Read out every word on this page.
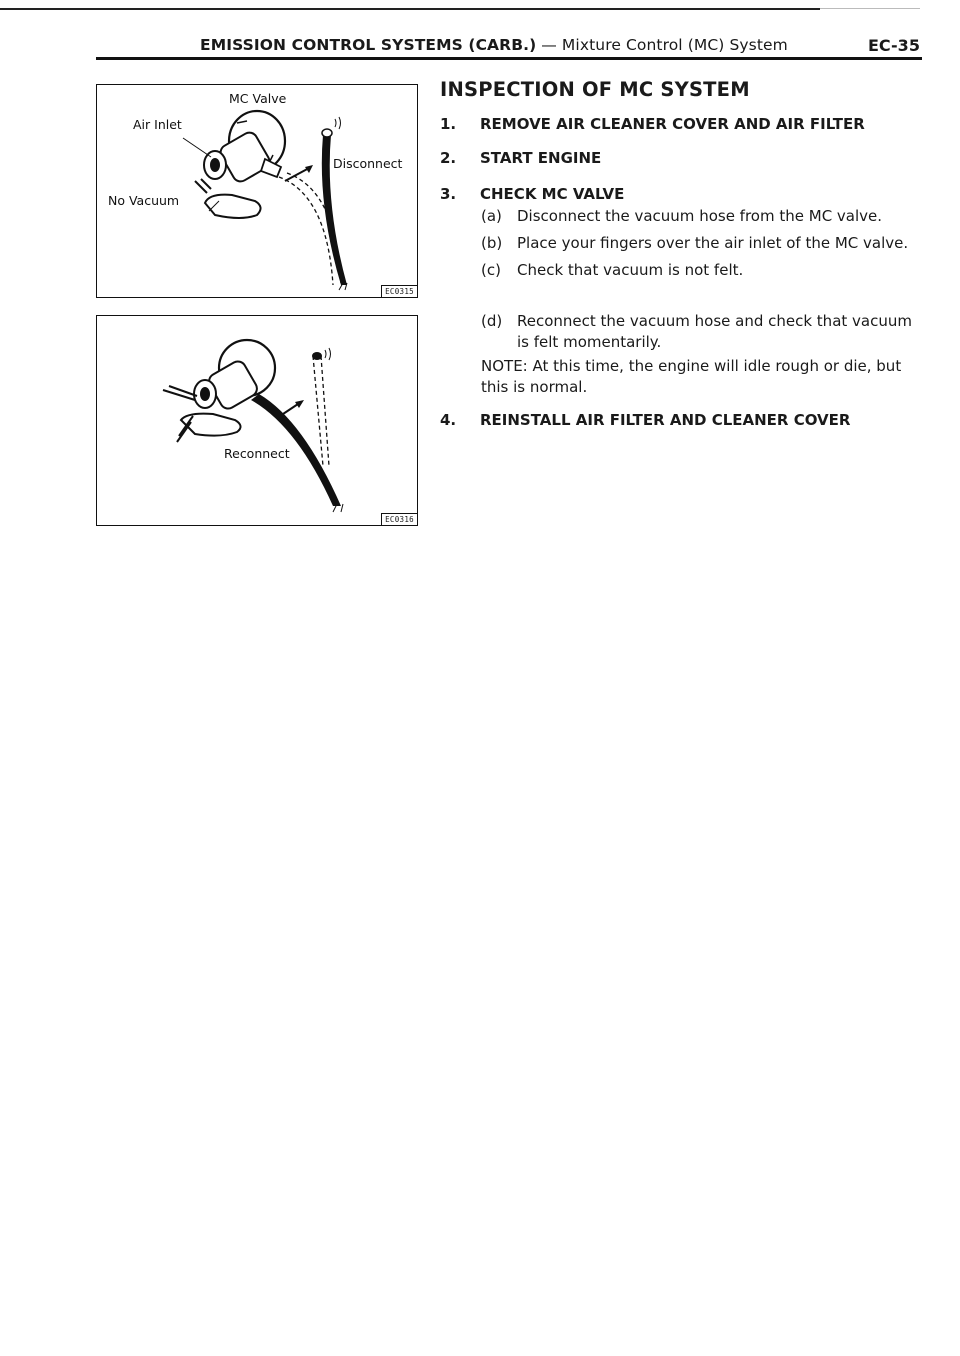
EMISSION CONTROL SYSTEMS (CARB.) — Mixture Control (MC) System	EC-35
MC Valve
Air Inlet
Disconnect
No Vacuum
EC0315
Reconnect
EC0316
INSPECTION OF MC SYSTEM
1. REMOVE AIR CLEANER COVER AND AIR FILTER
2. START ENGINE
3. CHECK MC VALVE
(a) Disconnect the vacuum hose from the MC valve.
(b) Place your fingers over the air inlet of the MC valve.
(c) Check that vacuum is not felt.
(d) Reconnect the vacuum hose and check that vacuum
is felt momentarily.
NOTE: At this time, the engine will idle rough or die, but
this is normal.
4. REINSTALL AIR FILTER AND CLEANER COVER
